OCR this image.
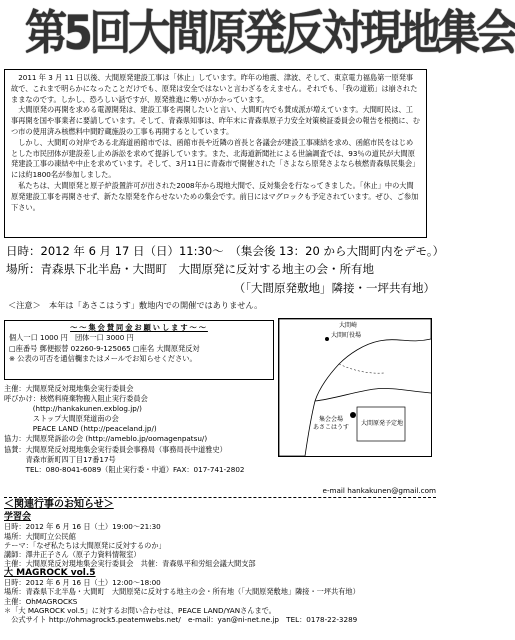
第5回大間原発反対現地集会

2011 年 3 月 11 日以後、大間原発建設工事は「休止」しています。昨年の地震、津波、そして、東京電力福島第一原発事故で、これまで明らかになったことだけでも、原発は安全ではないと言わざるをえません。それでも、「我の道筋」は崩されたままなのです。しかし、恐ろしい話ですが、原発推進に勢いがかかっています。

大間原発の再開を求める電源開発は、建設工事を再開したいと言い、大間町内でも賛成派が増えています。大間町民は、工事再開を国や事業者に要請しています。そして、青森県知事は、昨年末に青森県原子力安全対策検証委員会の報告を根拠に、むつ市の使用済み核燃料中間貯蔵施設の工事も再開するとしています。

しかし、大間町の対岸である北海道函館市では、函館市長や近隣の首長と各議会が建設工事凍結を求め、函館市民をはじめとした市民団体が建設差し止め訴訟を求めて提訴しています。また、北海道新聞社による世論調査では、93％の道民が大間原発建設工事の凍結や中止を求めています。そして、3月11日に青森市で開催された「さよなら原発さよなら核燃青森県民集会」には約1800名が参加しました。

私たちは、大間原発と原子炉設置許可が出された2008年から現地大間で、反対集会を行なってきました。「休止」中の大間原発建設工事を再開させず、新たな原発を作らせないための集会です。前日にはマグロックも予定されています。ぜひ、ご参加下さい。

日時：2012 年 6 月 17 日（日）11:30～　（集会後 13：20 から大間町内をデモ。）
場所：青森県下北半島・大間町　大間原発に反対する地主の会・所有地
（「大間原発敷地」隣接・一坪共有地）
＜注意＞　本年は「あさこはうす」敷地内での開催ではありません。
〜〜集会賛同金お願いします〜〜
個人一口 1000 円　団体一口 3000 円
□座番号 郵便振替 02260-9-125065 □座名 大間原発反対
※ 公表の可否を通信欄またはメールでお知らせください。
大間町役場
大間崎
あさこはうす
集会会場
大間原発予定地
主催：大間原発反対現地集会実行委員会
呼びかけ：核燃料廃棄物搬入阻止実行委員会
　　　　(http://hankakunen.exblog.jp/)
　　　　ストップ大間原発道南の会
　　　　PEACE LAND (http://peaceland.jp/)
協力：大間原発訴訟の会 (http://ameblo.jp/oomagenpatsu/)
協賛：大間原発反対現地集会実行委員会事務局（事務局長中道雅史）
　　　青森市新町四丁目17番17号
　　　TEL：080-8041-6089（阻止実行委・中道）FAX：017-741-2802
e-mail hankakunen@gmail.com
＜関連行事のお知らせ＞
学習会
日時：2012 年 6 月 16 日（土）19:00〜21:30
場所：大間町立公民館
テーマ：「なぜ私たちは大間原発に反対するのか」
講師：澤井正子さん（原子力資料情報室）
主催：大間原発反対現地集会実行委員会　共催：青森県平和労組会議大間支部
大 MAGROCK vol.5
日時：2012 年 6 月 16 日（土）12:00〜18:00
場所：青森県下北半島・大間町　大間原発に反対する地主の会・所有地（「大間原発敷地」隣接・一坪共有地）
主催：OhMAGROCKS
＊「大 MAGROCK vol.5」に対するお問い合わせは、PEACE LAND/YANさんまで。
　公式サイト http://ohmagrock5.peatemwebs.net/　e-mail：yan@ni-net.ne.jp　TEL：0178-22-3289
